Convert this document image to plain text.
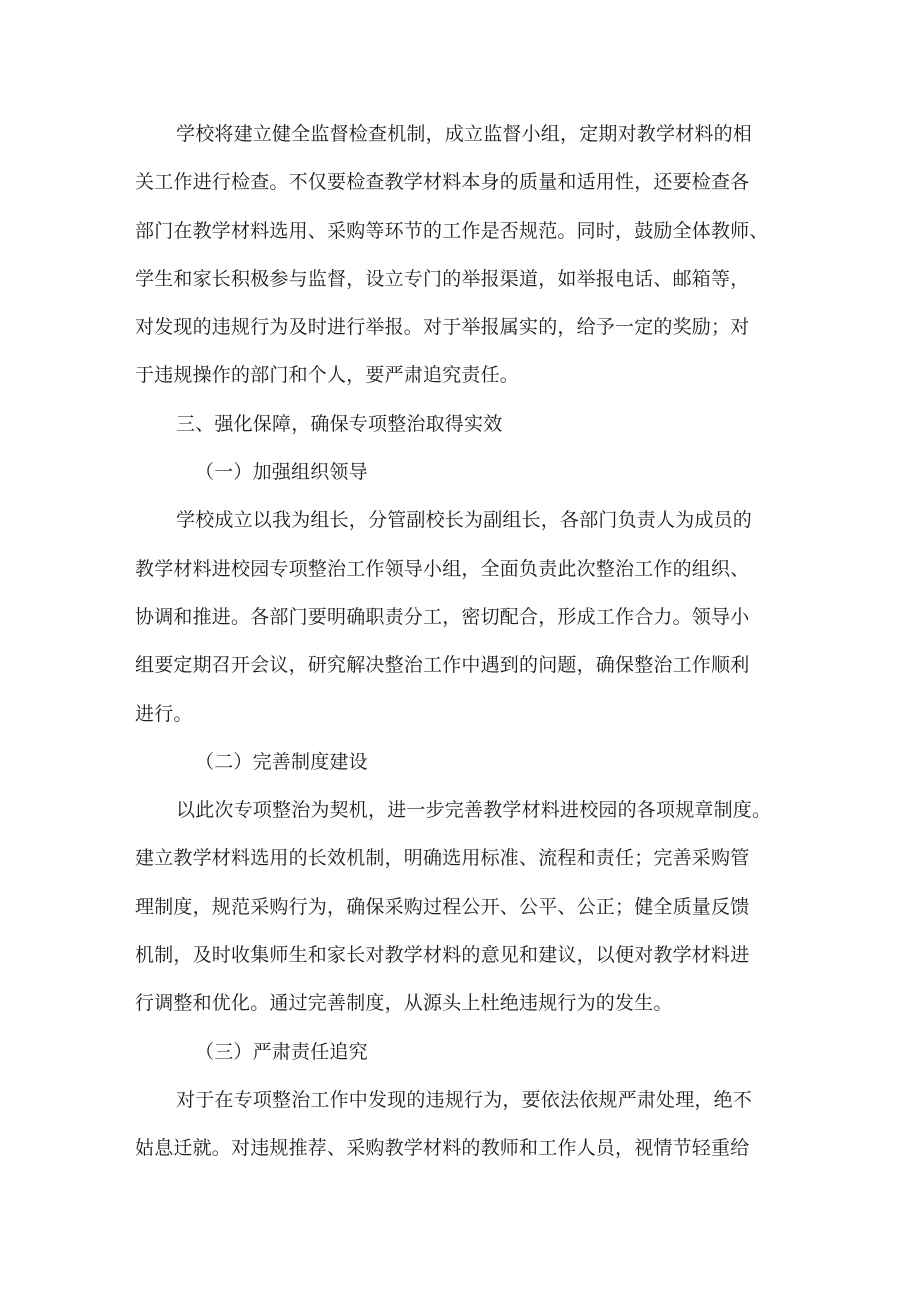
学校将建立健全监督检查机制，成立监督小组，定期对教学材料的相
关工作进行检查。不仅要检查教学材料本身的质量和适用性，还要检查各
部门在教学材料选用、采购等环节的工作是否规范。同时，鼓励全体教师、
学生和家长积极参与监督，设立专门的举报渠道，如举报电话、邮箱等，
对发现的违规行为及时进行举报。对于举报属实的，给予一定的奖励；对
于违规操作的部门和个人，要严肃追究责任。
三、强化保障，确保专项整治取得实效
（一）加强组织领导
学校成立以我为组长，分管副校长为副组长，各部门负责人为成员的
教学材料进校园专项整治工作领导小组，全面负责此次整治工作的组织、
协调和推进。各部门要明确职责分工，密切配合，形成工作合力。领导小
组要定期召开会议，研究解决整治工作中遇到的问题，确保整治工作顺利
进行。
（二）完善制度建设
以此次专项整治为契机，进一步完善教学材料进校园的各项规章制度。
建立教学材料选用的长效机制，明确选用标准、流程和责任；完善采购管
理制度，规范采购行为，确保采购过程公开、公平、公正；健全质量反馈
机制，及时收集师生和家长对教学材料的意见和建议，以便对教学材料进
行调整和优化。通过完善制度，从源头上杜绝违规行为的发生。
（三）严肃责任追究
对于在专项整治工作中发现的违规行为，要依法依规严肃处理，绝不
姑息迁就。对违规推荐、采购教学材料的教师和工作人员，视情节轻重给
